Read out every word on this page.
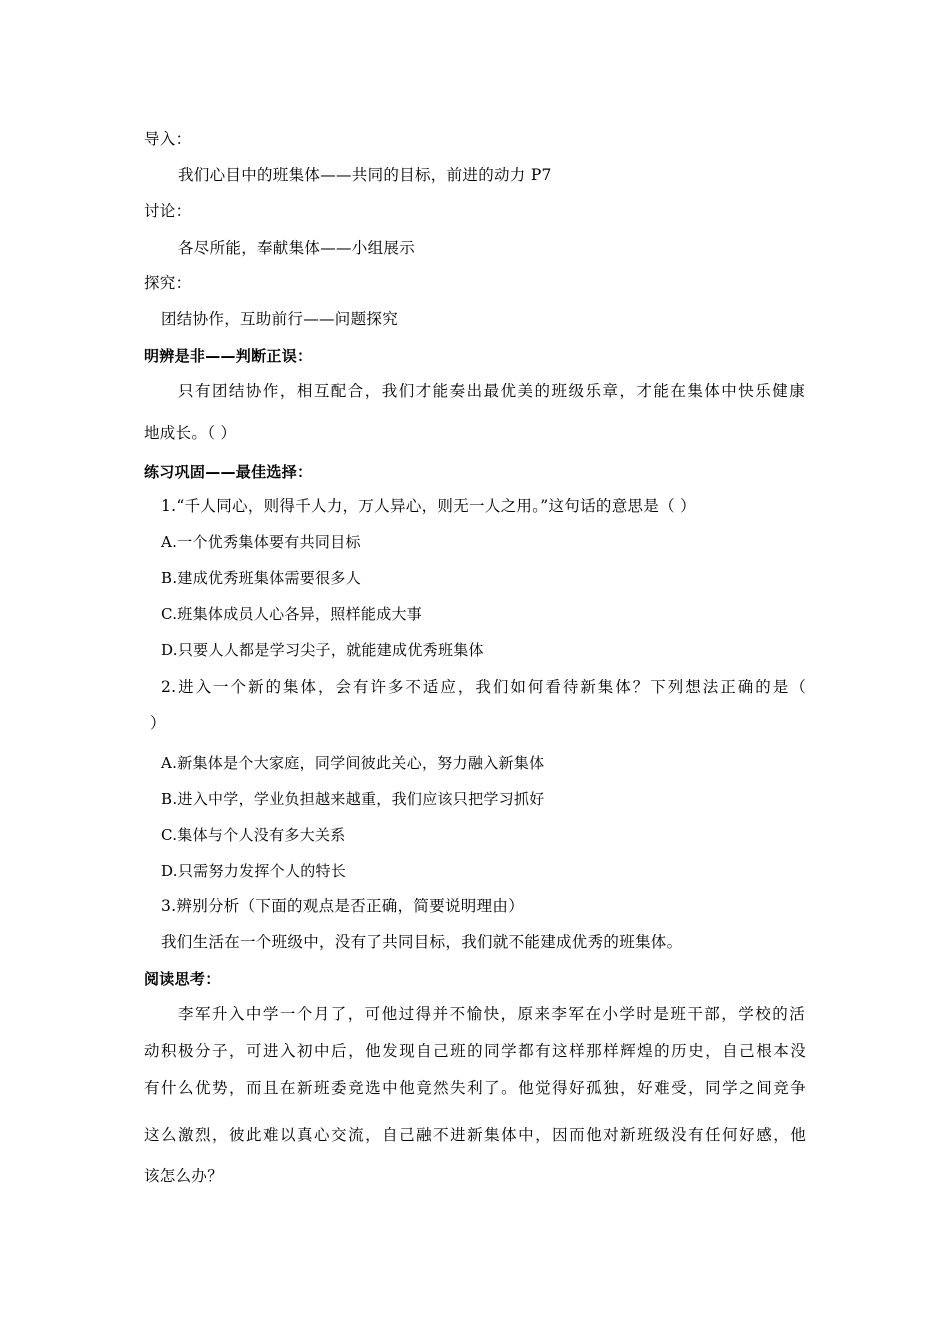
导入：
我们心目中的班集体——共同的目标，前进的动力 P7
讨论：
各尽所能，奉献集体——小组展示
探究：
团结协作，互助前行——问题探究
明辨是非——判断正误：
只有团结协作，相互配合，我们才能奏出最优美的班级乐章，才能在集体中快乐健康
地成长。（ ）
练习巩固——最佳选择：
1.“千人同心，则得千人力，万人异心，则无一人之用。”这句话的意思是（ ）
A.一个优秀集体要有共同目标
B.建成优秀班集体需要很多人
C.班集体成员人心各异，照样能成大事
D.只要人人都是学习尖子，就能建成优秀班集体
2.进入一个新的集体，会有许多不适应，我们如何看待新集体？下列想法正确的是（
）
A.新集体是个大家庭，同学间彼此关心，努力融入新集体
B.进入中学，学业负担越来越重，我们应该只把学习抓好
C.集体与个人没有多大关系
D.只需努力发挥个人的特长
3.辨别分析（下面的观点是否正确，简要说明理由）
我们生活在一个班级中，没有了共同目标，我们就不能建成优秀的班集体。
阅读思考：
李军升入中学一个月了，可他过得并不愉快，原来李军在小学时是班干部，学校的活
动积极分子，可进入初中后，他发现自己班的同学都有这样那样辉煌的历史，自己根本没
有什么优势，而且在新班委竞选中他竟然失利了。他觉得好孤独，好难受，同学之间竞争
这么激烈，彼此难以真心交流，自己融不进新集体中，因而他对新班级没有任何好感，他
该怎么办？
